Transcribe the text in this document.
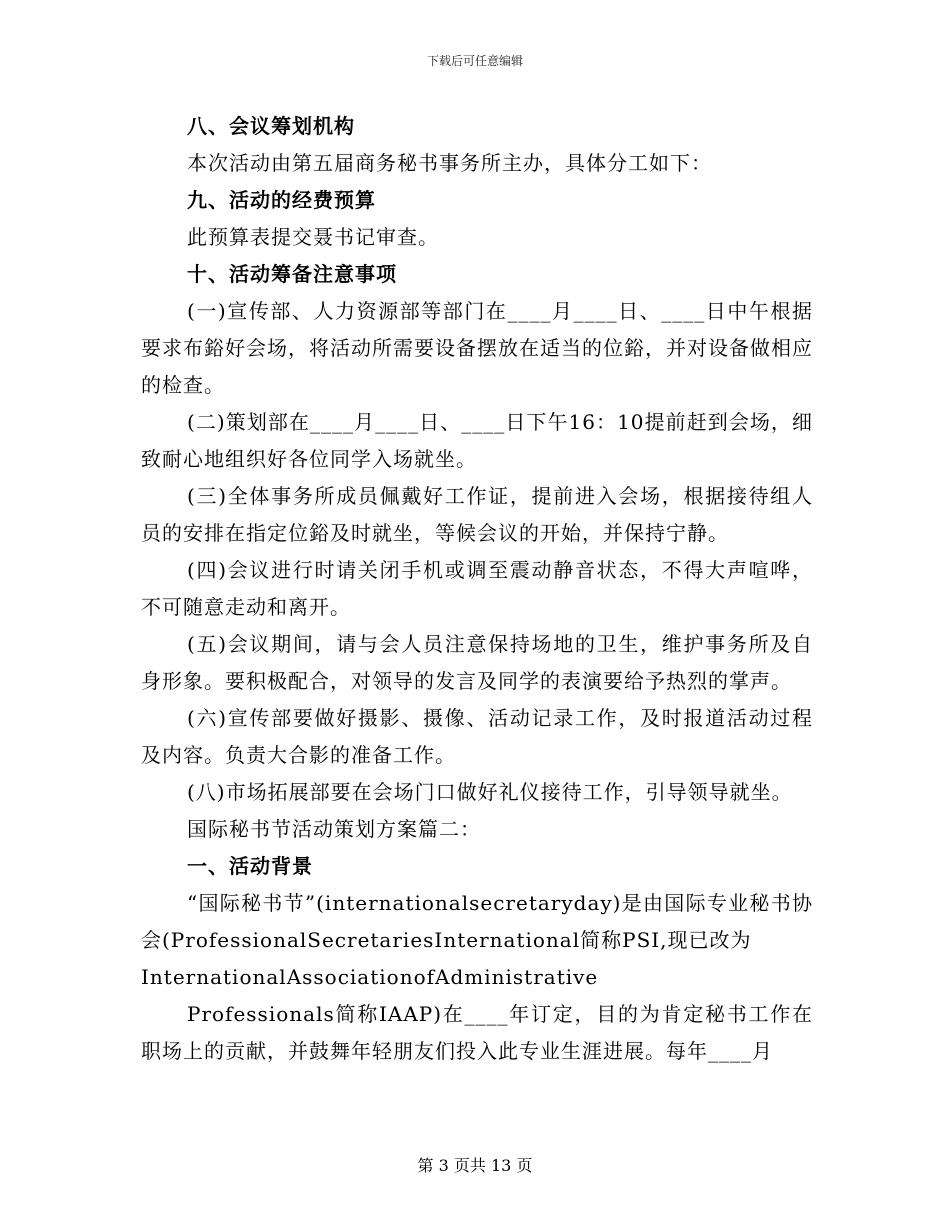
下载后可任意编辑

八、会议筹划机构

本次活动由第五届商务秘书事务所主办，具体分工如下：

九、活动的经费预算

此预算表提交聂书记审查。

十、活动筹备注意事项

(一)宣传部、人力资源部等部门在____月____日、____日中午根据要求布鋊好会场，将活动所需要设备摆放在适当的位鋊，并对设备做相应的检查。

(二)策划部在____月____日、____日下午16：10提前赶到会场，细致耐心地组织好各位同学入场就坐。

(三)全体事务所成员佩戴好工作证，提前进入会场，根据接待组人员的安排在指定位鋊及时就坐，等候会议的开始，并保持宁静。

(四)会议进行时请关闭手机或调至震动静音状态，不得大声喧哗，不可随意走动和离开。

(五)会议期间，请与会人员注意保持场地的卫生，维护事务所及自身形象。要积极配合，对领导的发言及同学的表演要给予热烈的掌声。

(六)宣传部要做好摄影、摄像、活动记录工作，及时报道活动过程及内容。负责大合影的准备工作。

(八)市场拓展部要在会场门口做好礼仪接待工作，引导领导就坐。

国际秘书节活动策划方案篇二：

一、活动背景

“国际秘书节”(internationalsecretaryday)是由国际专业秘书协会(ProfessionalSecretariesInternational简称PSI,现已改为

InternationalAssociationofAdministrative

Professionals简称IAAP)在____年订定，目的为肯定秘书工作在职场上的贡献，并鼓舞年轻朋友们投入此专业生涯进展。每年____月

第 3 页共 13 页
